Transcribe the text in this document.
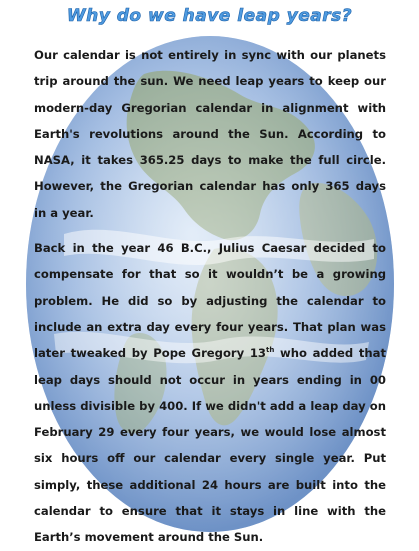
Why do we have leap years?

Our calendar is not entirely in sync with our planets trip around the sun. We need leap years to keep our modern-day Gregorian calendar in alignment with Earth's revolutions around the Sun. According to NASA, it takes 365.25 days to make the full circle. However, the Gregorian calendar has only 365 days in a year.

Back in the year 46 B.C., Julius Caesar decided to compensate for that so it wouldn’t be a growing problem. He did so by adjusting the calendar to include an extra day every four years. That plan was later tweaked by Pope Gregory 13th who added that leap days should not occur in years ending in 00 unless divisible by 400. If we didn't add a leap day on February 29 every four years, we would lose almost six hours off our calendar every single year. Put simply, these additional 24 hours are built into the calendar to ensure that it stays in line with the Earth’s movement around the Sun.
